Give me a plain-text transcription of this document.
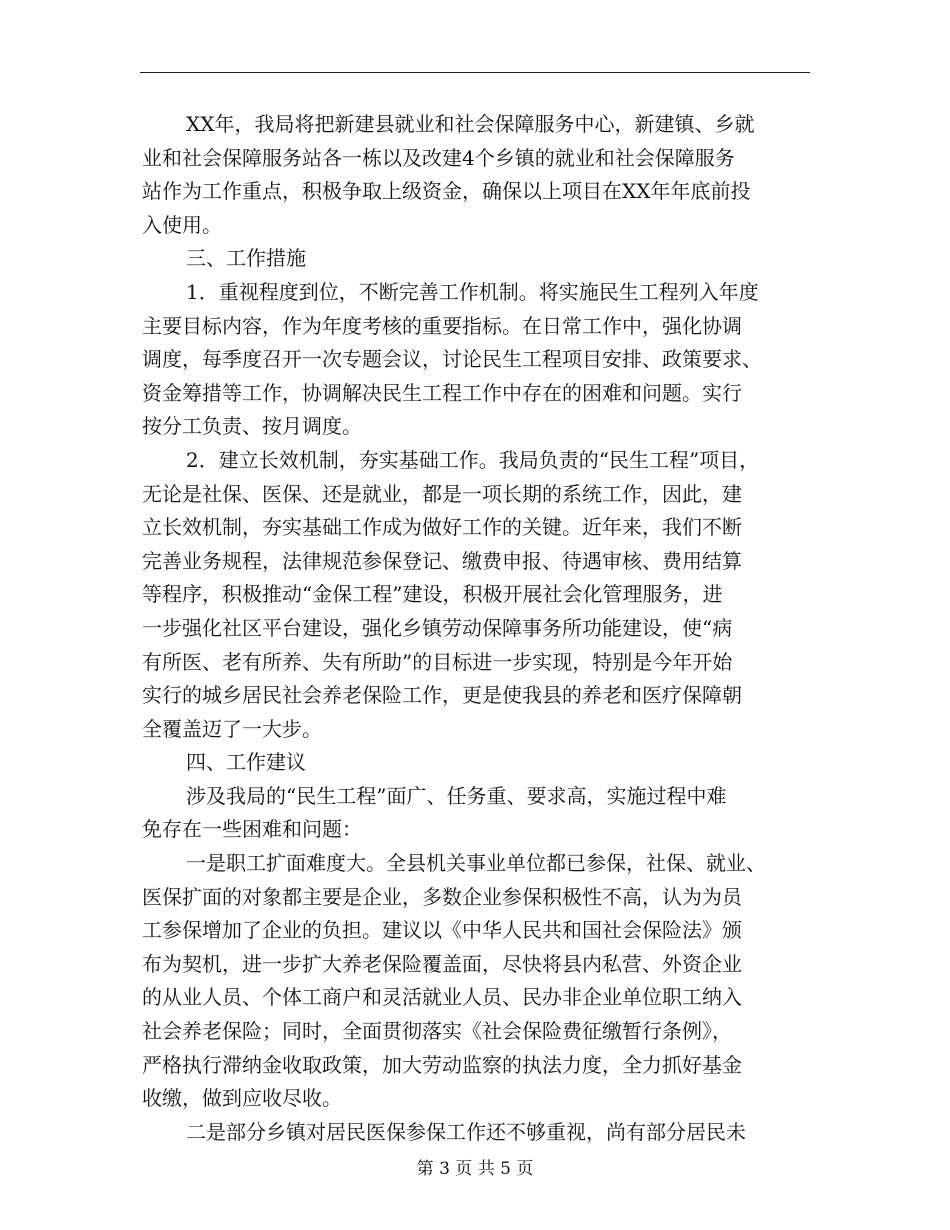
XX年，我局将把新建县就业和社会保障服务中心，新建镇、乡就
业和社会保障服务站各一栋以及改建4个乡镇的就业和社会保障服务
站作为工作重点，积极争取上级资金，确保以上项目在XX年年底前投
入使用。
三、工作措施
1．重视程度到位，不断完善工作机制。将实施民生工程列入年度
主要目标内容，作为年度考核的重要指标。在日常工作中，强化协调
调度，每季度召开一次专题会议，讨论民生工程项目安排、政策要求、
资金筹措等工作，协调解决民生工程工作中存在的困难和问题。实行
按分工负责、按月调度。
2．建立长效机制，夯实基础工作。我局负责的“民生工程”项目，
无论是社保、医保、还是就业，都是一项长期的系统工作，因此，建
立长效机制，夯实基础工作成为做好工作的关键。近年来，我们不断
完善业务规程，法律规范参保登记、缴费申报、待遇审核、费用结算
等程序，积极推动“金保工程”建设，积极开展社会化管理服务，进
一步强化社区平台建设，强化乡镇劳动保障事务所功能建设，使“病
有所医、老有所养、失有所助”的目标进一步实现，特别是今年开始
实行的城乡居民社会养老保险工作，更是使我县的养老和医疗保障朝
全覆盖迈了一大步。
四、工作建议
涉及我局的“民生工程”面广、任务重、要求高，实施过程中难
免存在一些困难和问题：
一是职工扩面难度大。全县机关事业单位都已参保，社保、就业、
医保扩面的对象都主要是企业，多数企业参保积极性不高，认为为员
工参保增加了企业的负担。建议以《中华人民共和国社会保险法》颁
布为契机，进一步扩大养老保险覆盖面，尽快将县内私营、外资企业
的从业人员、个体工商户和灵活就业人员、民办非企业单位职工纳入
社会养老保险；同时，全面贯彻落实《社会保险费征缴暂行条例》，
严格执行滞纳金收取政策，加大劳动监察的执法力度，全力抓好基金
收缴，做到应收尽收。
二是部分乡镇对居民医保参保工作还不够重视，尚有部分居民未
第 3 页 共 5 页
